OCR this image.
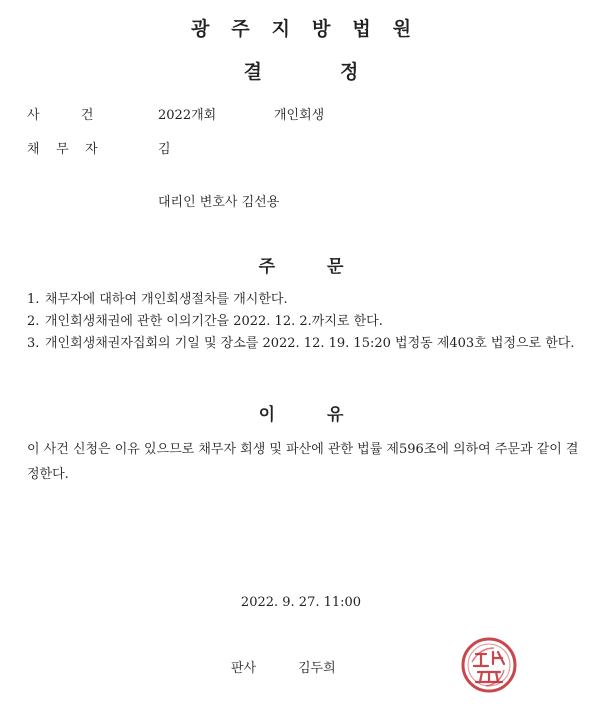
광주지방법원
결	정
사          건	2022개회	개인회생
채    무    자	김
대리인 변호사 김선용
주	문
1. 채무자에 대하여 개인회생절차를 개시한다.
2. 개인회생채권에 관한 이의기간을 2022. 12. 2.까지로 한다.
3. 개인회생채권자집회의 기일 및 장소를 2022. 12. 19. 15:20 법정동 제403호 법정으로 한다.
이	유
이 사건 신청은 이유 있으므로 채무자 회생 및 파산에 관한 법률 제596조에 의하여 주문과 같이 결정한다.
2022. 9. 27. 11:00
판사	김두희
